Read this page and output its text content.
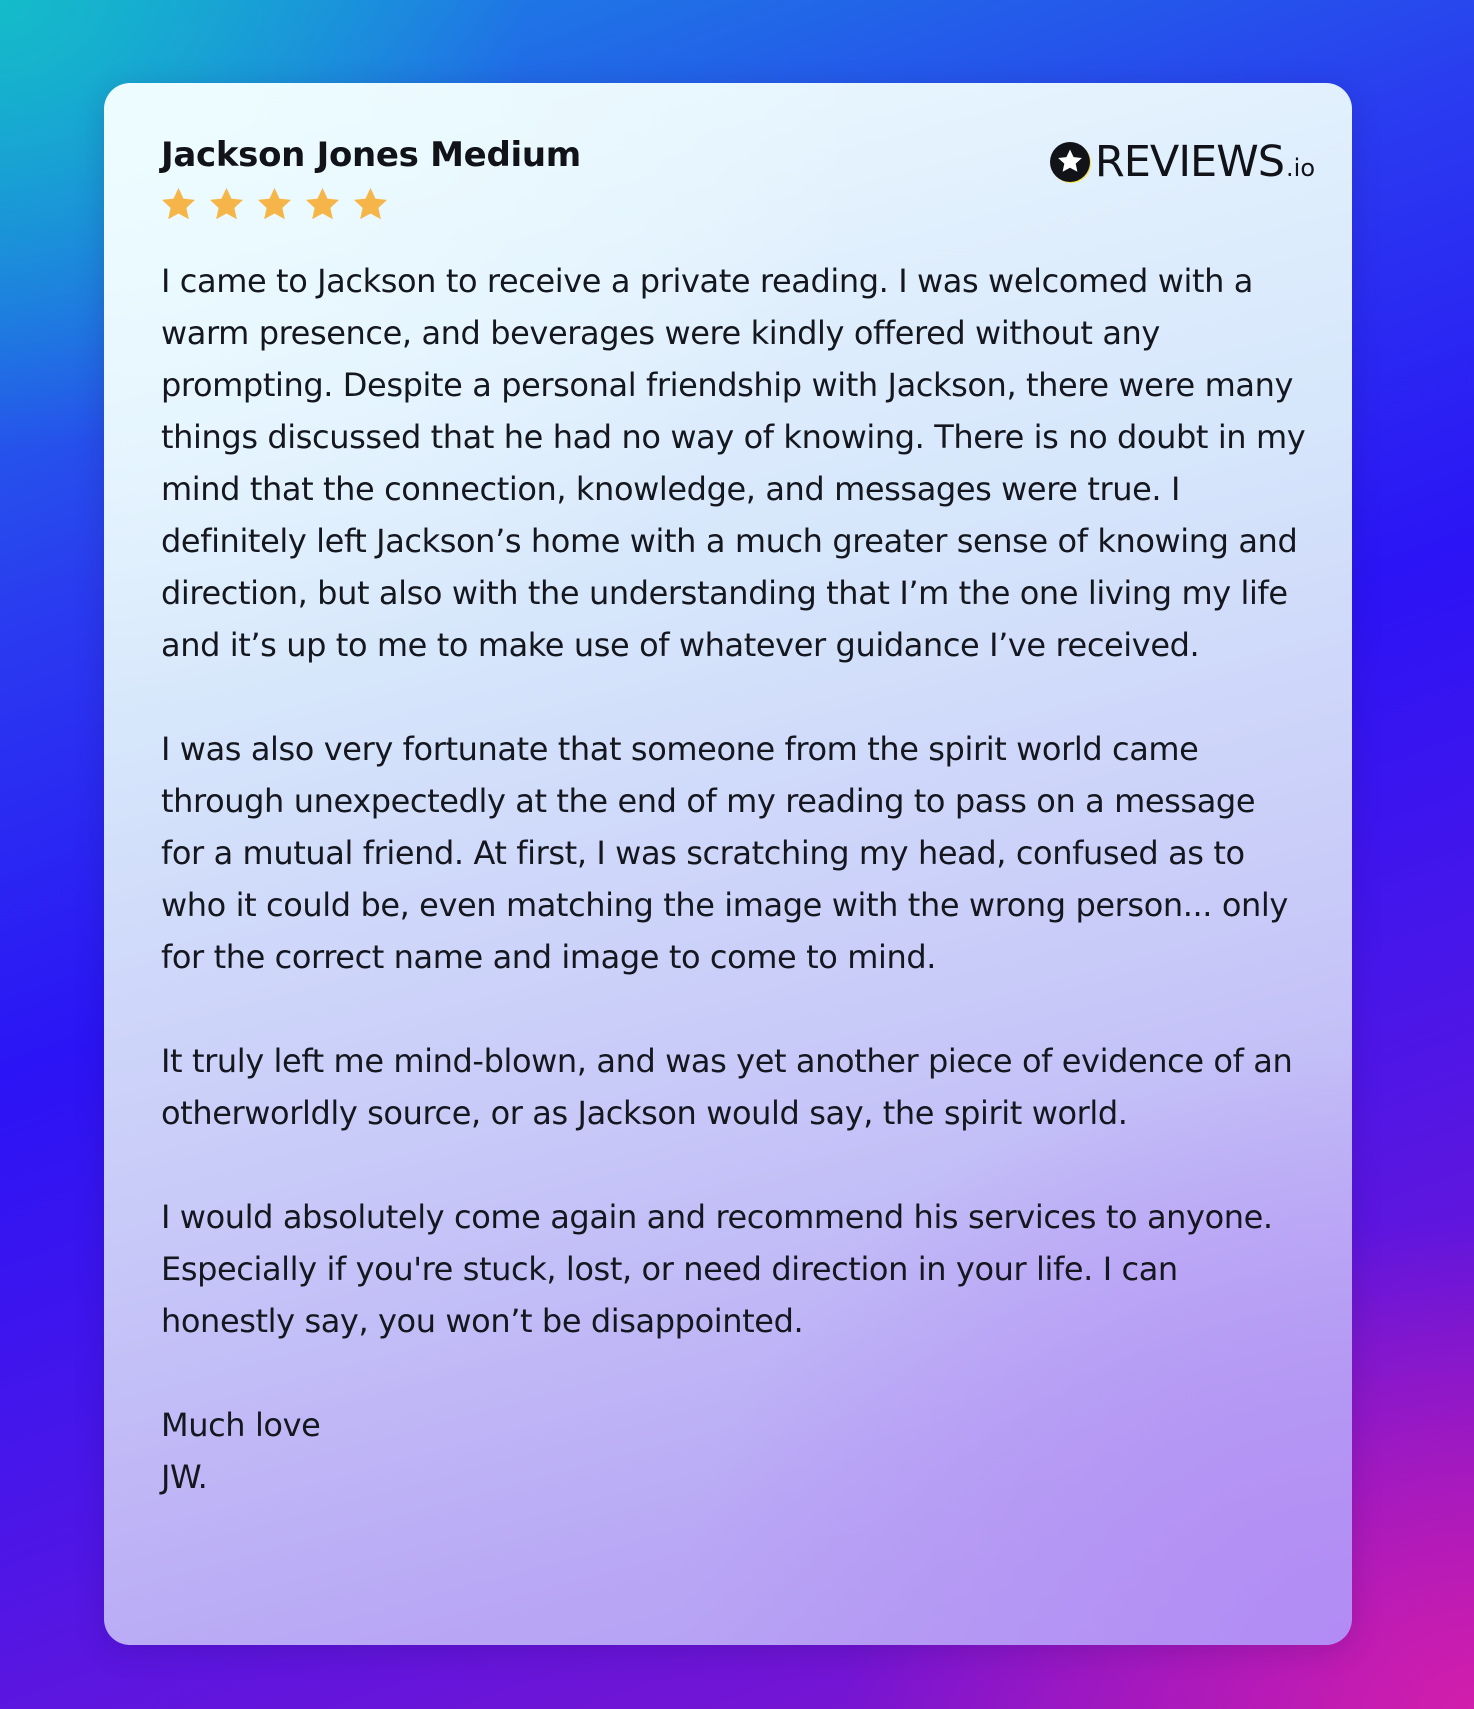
Jackson Jones Medium	REVIEWS .io

I came to Jackson to receive a private reading. I was welcomed with a warm presence, and beverages were kindly offered without any prompting. Despite a personal friendship with Jackson, there were many things discussed that he had no way of knowing. There is no doubt in my mind that the connection, knowledge, and messages were true. I definitely left Jackson’s home with a much greater sense of knowing and direction, but also with the understanding that I’m the one living my life and it’s up to me to make use of whatever guidance I’ve received.

I was also very fortunate that someone from the spirit world came through unexpectedly at the end of my reading to pass on a message for a mutual friend. At first, I was scratching my head, confused as to who it could be, even matching the image with the wrong person... only for the correct name and image to come to mind.

It truly left me mind-blown, and was yet another piece of evidence of an otherworldly source, or as Jackson would say, the spirit world.

I would absolutely come again and recommend his services to anyone. Especially if you're stuck, lost, or need direction in your life. I can honestly say, you won’t be disappointed.

Much love

JW.
